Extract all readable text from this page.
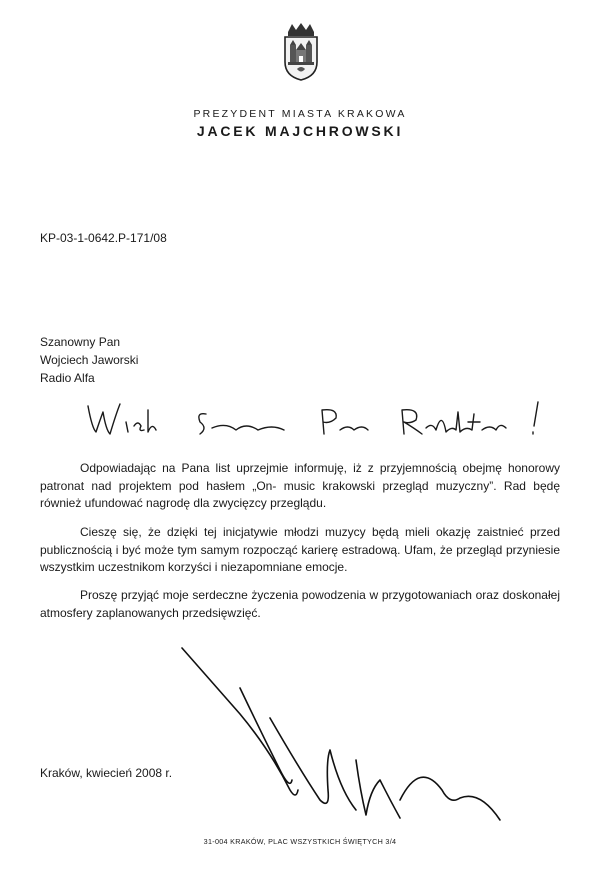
PREZYDENT MIASTA KRAKOWA
JACEK MAJCHROWSKI
KP-03-1-0642.P-171/08
Szanowny Pan
Wojciech Jaworski
Radio Alfa

Odpowiadając na Pana list uprzejmie informuję, iż z przyjemnością obejmę honorowy patronat nad projektem pod hasłem „On- music krakowski przegląd muzyczny”. Rad będę również ufundować nagrodę dla zwycięzcy przeglądu.

Cieszę się, że dzięki tej inicjatywie młodzi muzycy będą mieli okazję zaistnieć przed publicznością i być może tym samym rozpocząć karierę estradową. Ufam, że przegląd przyniesie wszystkim uczestnikom korzyści i niezapomniane emocje.

Proszę przyjąć moje serdeczne życzenia powodzenia w przygotowaniach oraz doskonałej atmosfery zaplanowanych przedsięwzięć.

Kraków, kwiecień 2008 r.
31-004 KRAKÓW, PLAC WSZYSTKICH ŚWIĘTYCH 3/4
